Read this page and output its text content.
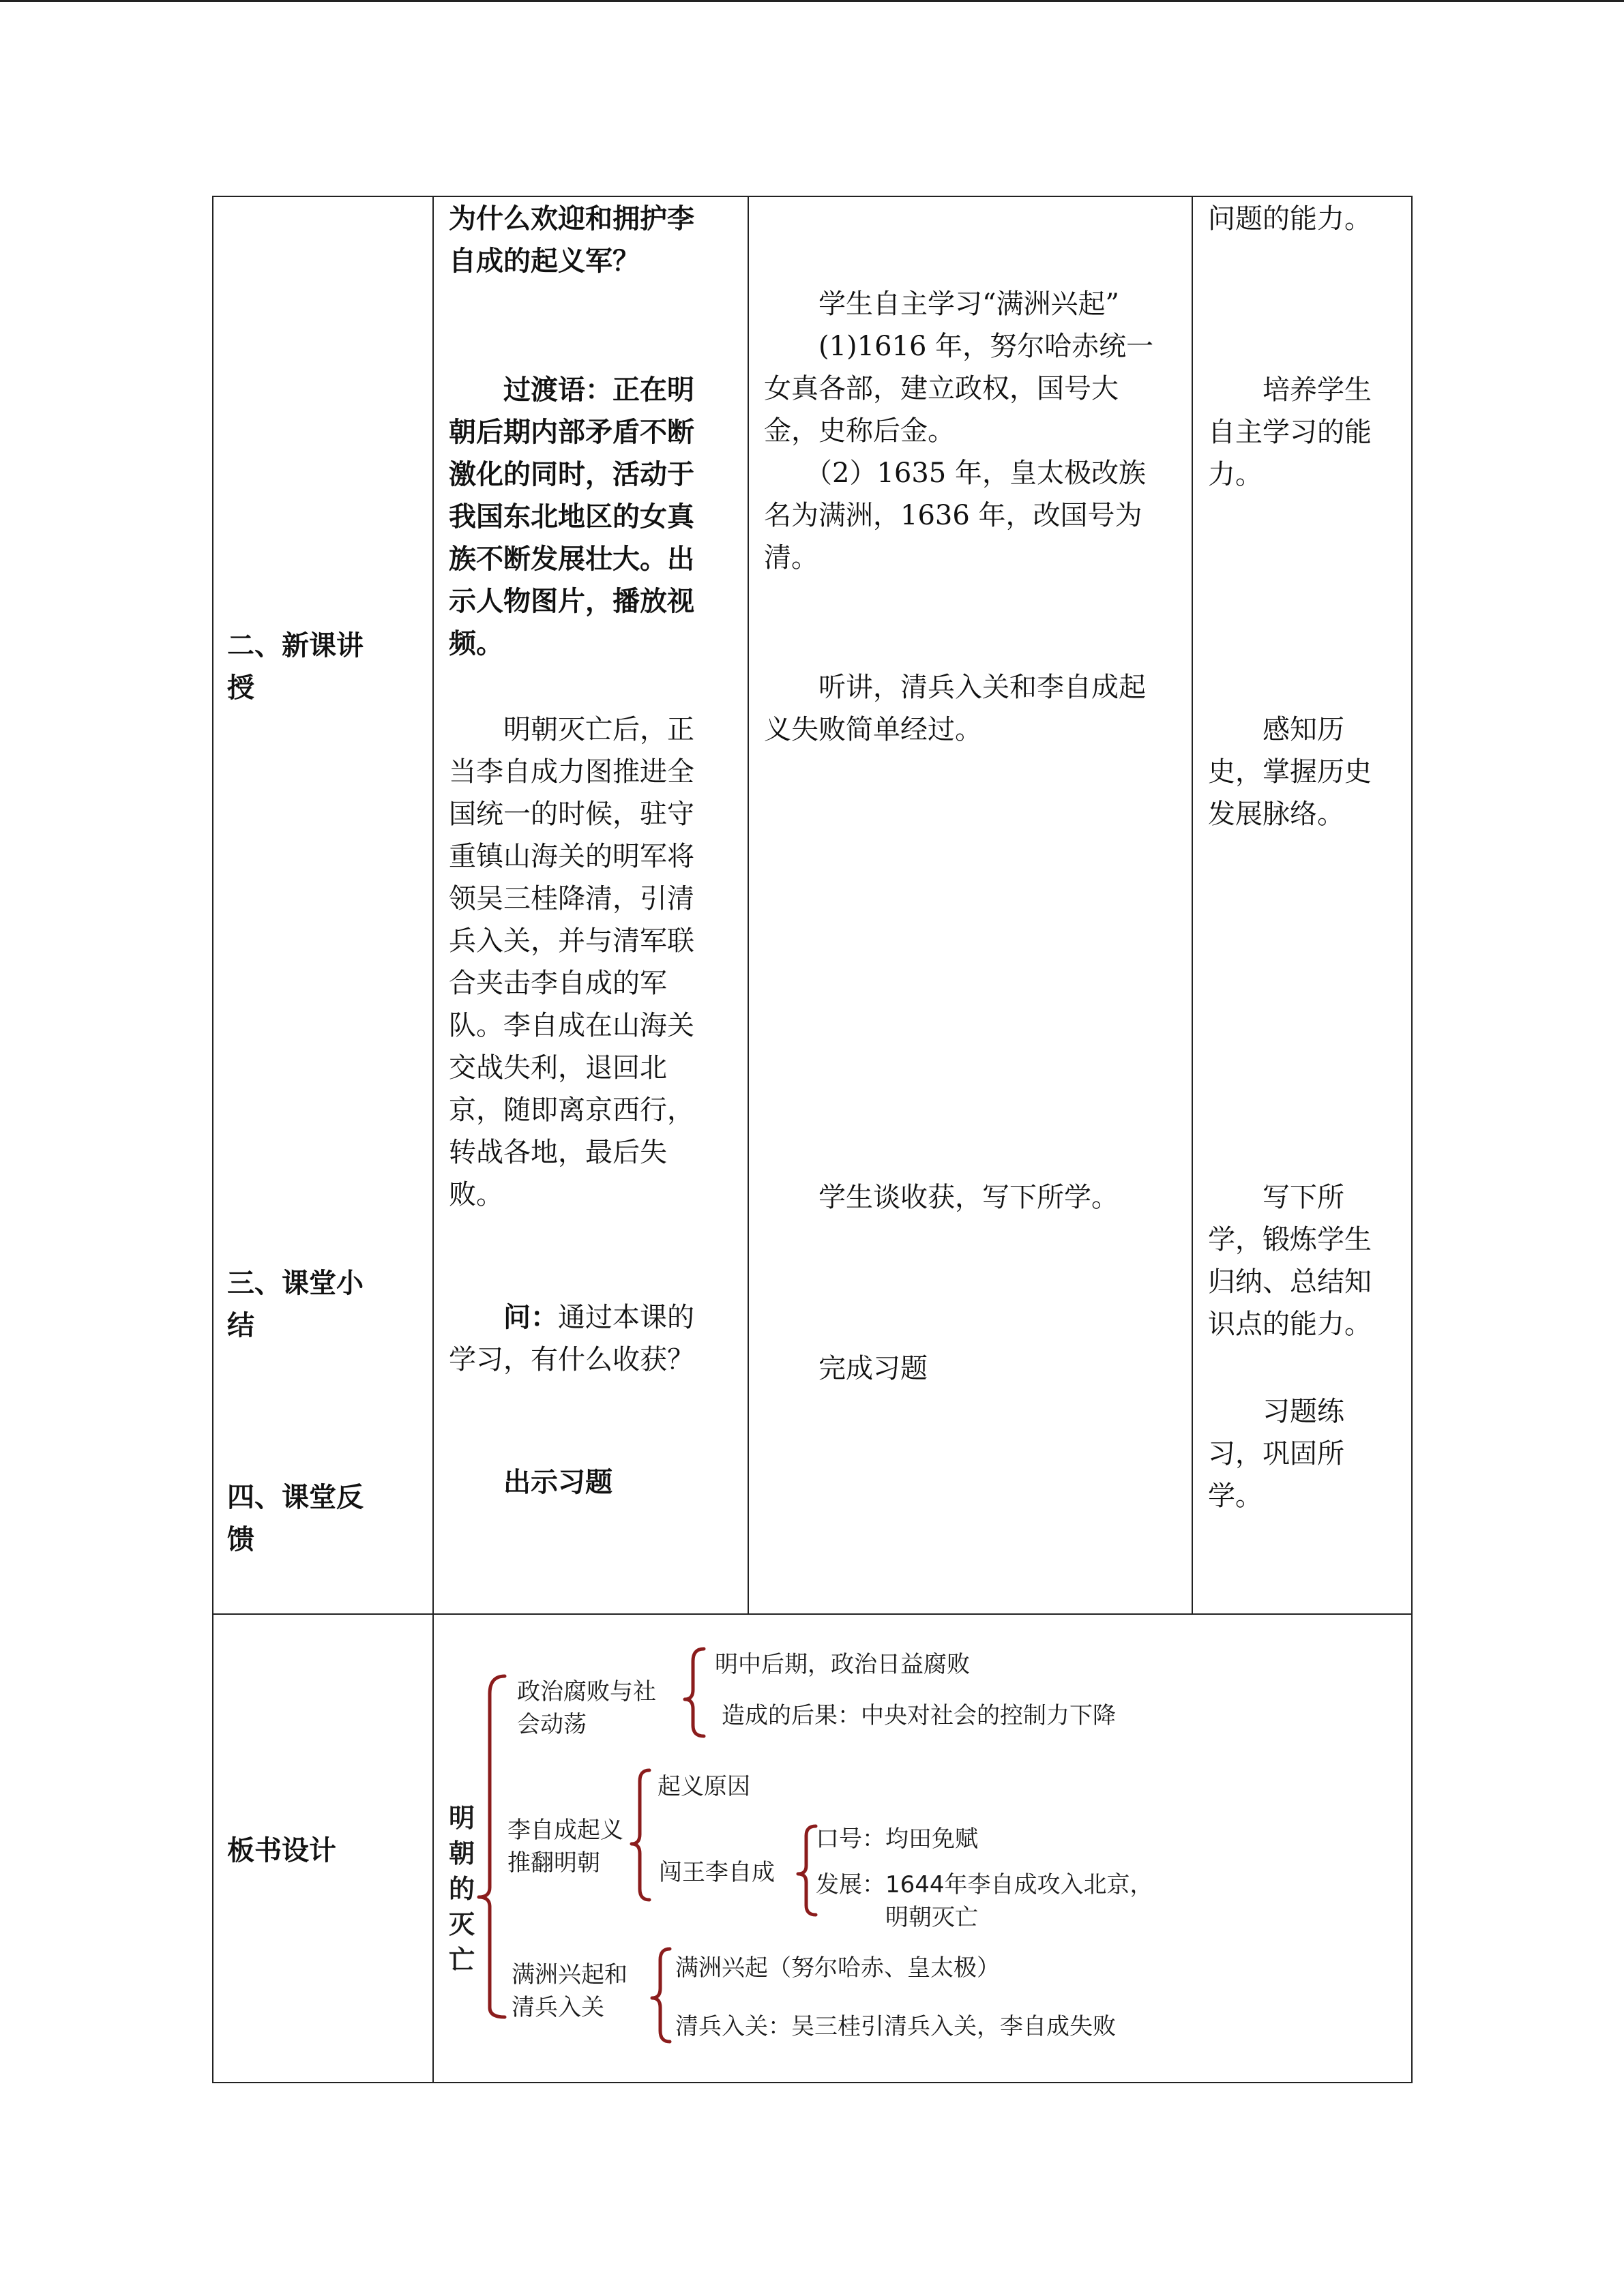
二、新课讲
授
三、课堂小
结
四、课堂反
馈
板书设计
为什么欢迎和拥护李
自成的起义军？
　　过渡语：正在明
朝后期内部矛盾不断
激化的同时，活动于
我国东北地区的女真
族不断发展壮大。出
示人物图片，播放视
频。
　　明朝灭亡后，正
当李自成力图推进全
国统一的时候，驻守
重镇山海关的明军将
领吴三桂降清，引清
兵入关，并与清军联
合夹击李自成的军
队。李自成在山海关
交战失利，退回北
京，随即离京西行，
转战各地，最后失
败。
　　问：通过本课的
学习，有什么收获？
　　出示习题
　　学生自主学习“满洲兴起”
　　(1)1616 年，努尔哈赤统一
女真各部，建立政权，国号大
金，史称后金。
　　（2）1635 年，皇太极改族
名为满洲，1636 年，改国号为
清。
　　听讲，清兵入关和李自成起
义失败简单经过。
　　学生谈收获，写下所学。
　　完成习题
问题的能力。
　　培养学生
自主学习的能
力。
　　感知历
史，掌握历史
发展脉络。
　　写下所
学，锻炼学生
归纳、总结知
识点的能力。
　　习题练
习，巩固所
学。
明
朝
的
灭
亡
政治腐败与社
会动荡
明中后期，政治日益腐败
造成的后果：中央对社会的控制力下降
李自成起义
推翻明朝
起义原因
闯王李自成
口号：均田免赋
发展：1644年李自成攻入北京，
　　　明朝灭亡
满洲兴起和
清兵入关
满洲兴起（努尔哈赤、皇太极）
清兵入关：吴三桂引清兵入关，李自成失败
